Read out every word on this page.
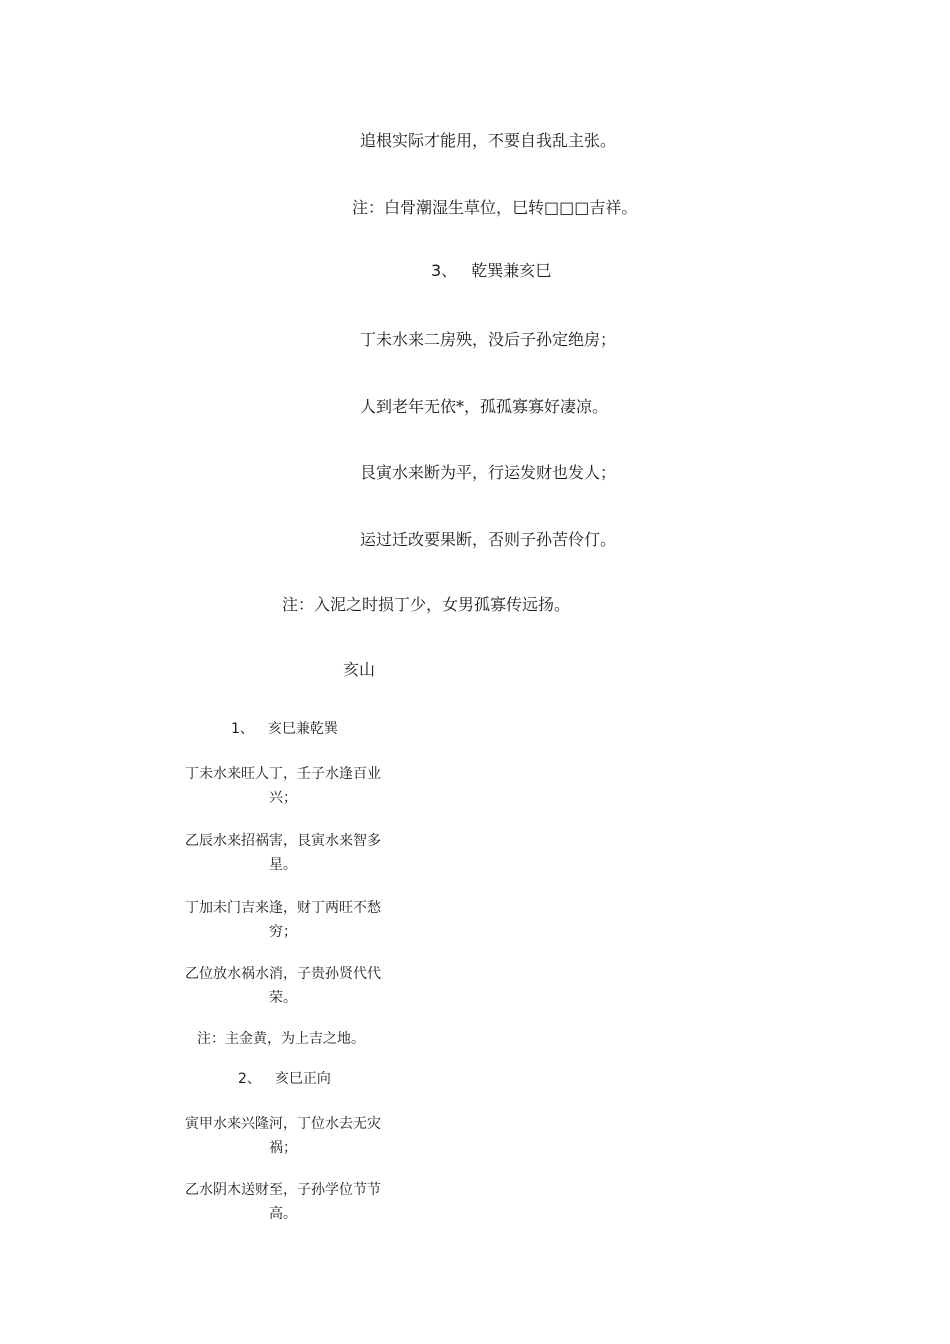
追根实际才能用，不要自我乱主张。
注：白骨潮湿生草位，巳转□□□吉祥。
3、 乾巽兼亥巳
丁未水来二房殃，没后子孙定绝房；
人到老年无依*，孤孤寡寡好凄凉。
艮寅水来断为平，行运发财也发人；
运过迁改要果断，否则子孙苦伶仃。
注：入泥之时损丁少，女男孤寡传远扬。
亥山
1、 亥巳兼乾巽
丁未水来旺人丁，壬子水逢百业
兴；
乙辰水来招祸害，艮寅水来智多
星。
丁加未门吉来逢，财丁两旺不愁
穷；
乙位放水祸水消，子贵孙贤代代
荣。
注：主金黄，为上吉之地。
2、 亥巳正向
寅甲水来兴隆河，丁位水去无灾
祸；
乙水阴木送财至，子孙学位节节
高。
